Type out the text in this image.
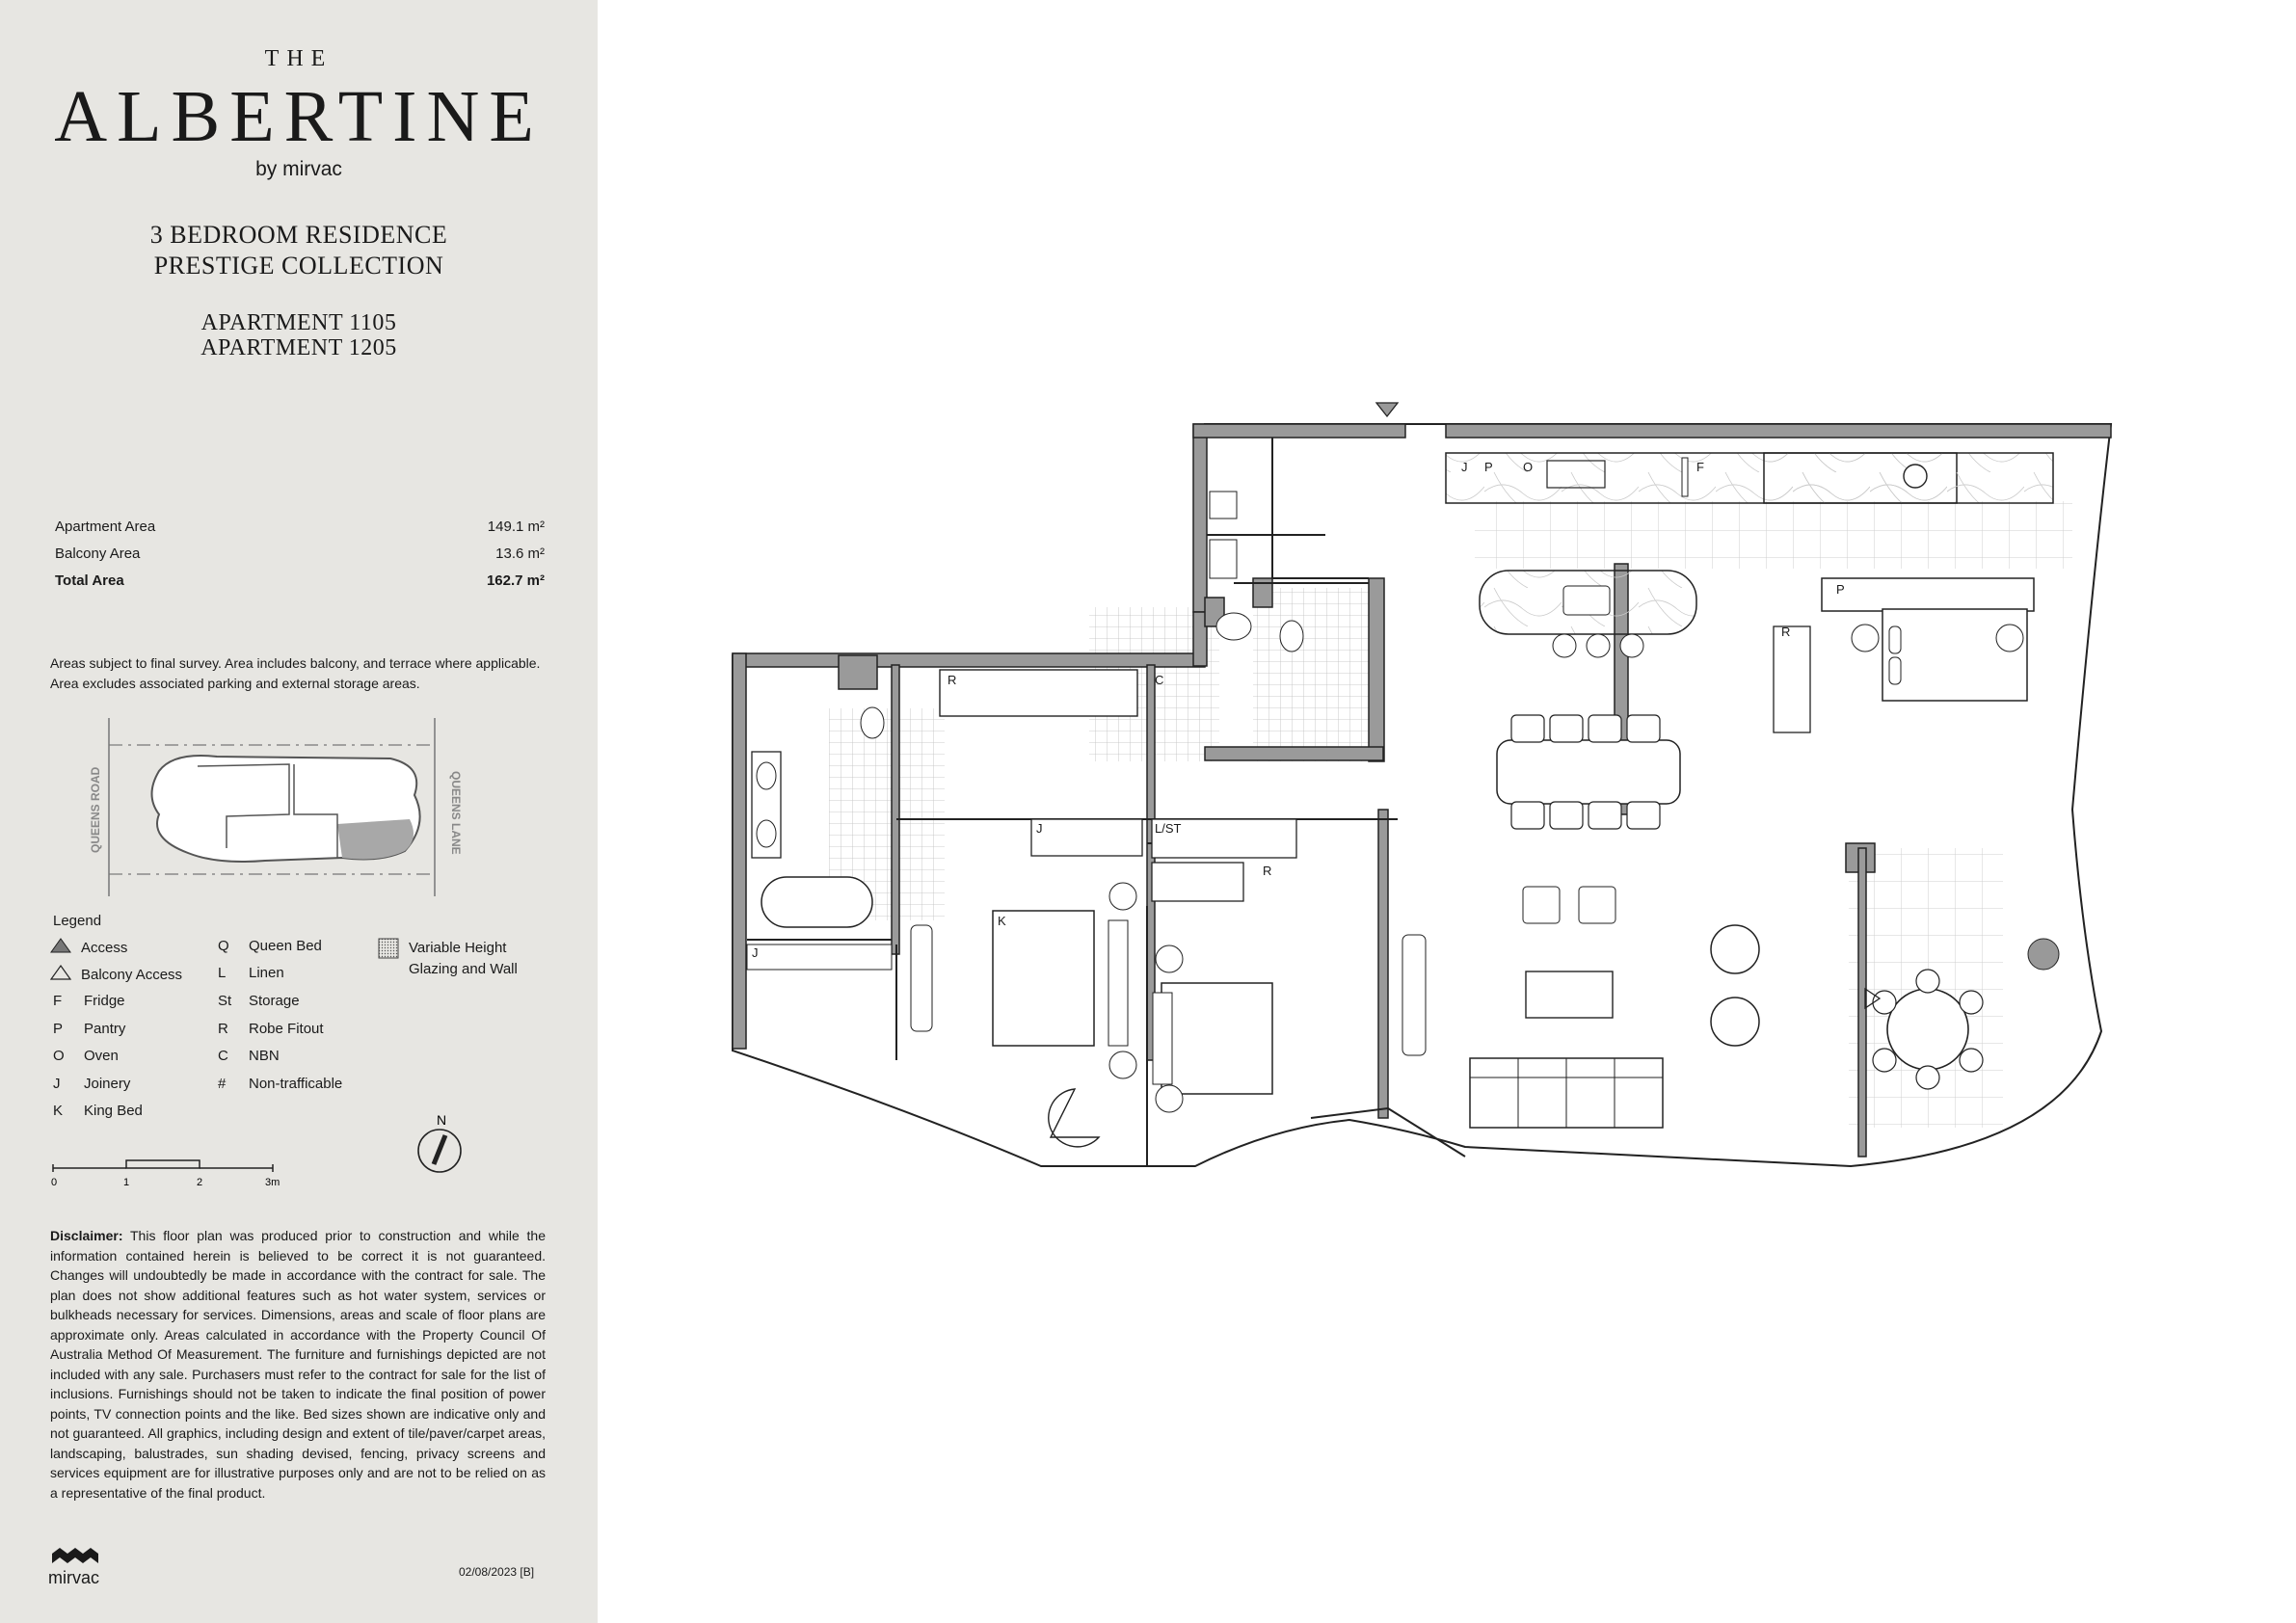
THE
ALBERTINE
by mirvac
3 BEDROOM RESIDENCE
PRESTIGE COLLECTION
APARTMENT 1105
APARTMENT 1205
Apartment Area	149.1 m²
Balcony Area	13.6 m²
Total Area	162.7 m²
Areas subject to final survey. Area includes balcony, and terrace where applicable. Area excludes associated parking and external storage areas.
QUEENS ROAD	QUEENS LANE
Legend
Access
Balcony Access
F	Fridge
P	Pantry
O	Oven
J	Joinery
K	King Bed
Q	Queen Bed
L	Linen
St	Storage
R	Robe Fitout
C	NBN
#	Non-trafficable
Variable Height
Glazing and Wall
0	1	2	3m
N
Disclaimer: This floor plan was produced prior to construction and while the information contained herein is believed to be correct it is not guaranteed. Changes will undoubtedly be made in accordance with the contract for sale. The plan does not show additional features such as hot water system, services or bulkheads necessary for services. Dimensions, areas and scale of floor plans are approximate only. Areas calculated in accordance with the Property Council Of Australia Method Of Measurement. The furniture and furnishings depicted are not included with any sale. Purchasers must refer to the contract for sale for the list of inclusions. Furnishings should not be taken to indicate the final position of power points, TV connection points and the like. Bed sizes shown are indicative only and not guaranteed. All graphics, including design and extent of tile/paver/carpet areas, landscaping, balustrades, sun shading devised, fencing, privacy screens and services equipment are for illustrative purposes only and are not to be relied on as a representative of the final product.
mirvac	02/08/2023 [B]
J P O	F
P
R
R	C
J	L/ST
R
K
J
